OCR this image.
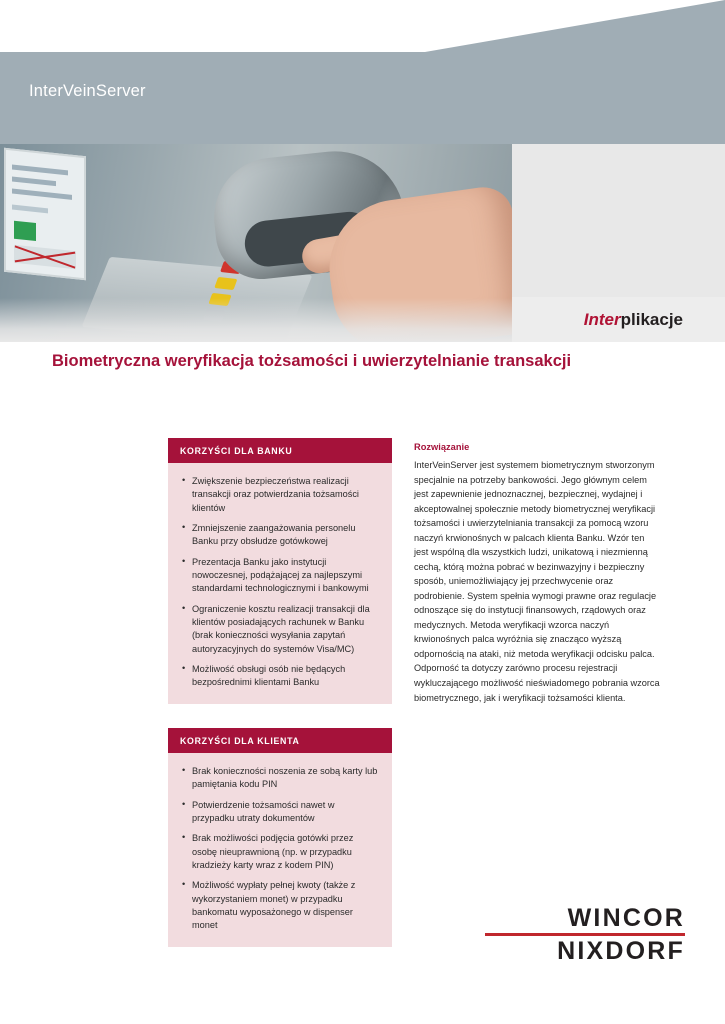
InterVeinServer
Inter plikacje
Biometryczna weryfikacja tożsamości i uwierzytelnianie transakcji
KORZYŚCI DLA BANKU
• Zwiększenie bezpieczeństwa realizacji transakcji oraz potwierdzania tożsamości klientów
• Zmniejszenie zaangażowania personelu Banku przy obsłudze gotówkowej
• Prezentacja Banku jako instytucji nowoczesnej, podążającej za najlepszymi standardami technologicznymi i bankowymi
• Ograniczenie kosztu realizacji transakcji dla klientów posiadających rachunek w Banku (brak konieczności wysyłania zapytań autoryzacyjnych do systemów Visa/MC)
• Możliwość obsługi osób nie będących bezpośrednimi klientami Banku
KORZYŚCI DLA KLIENTA
• Brak konieczności noszenia ze sobą karty lub pamiętania kodu PIN
• Potwierdzenie tożsamości nawet w przypadku utraty dokumentów
• Brak możliwości podjęcia gotówki przez osobę nieuprawnioną (np. w przypadku kradzieży karty wraz z kodem PIN)
• Możliwość wypłaty pełnej kwoty (także z wykorzystaniem monet) w przypadku bankomatu wyposażonego w dispenser monet
Rozwiązanie
InterVeinServer jest systemem biometrycznym stworzonym specjalnie na potrzeby bankowości. Jego głównym celem jest zapewnienie jednoznacznej, bezpiecznej, wydajnej i akceptowalnej społecznie metody biometrycznej weryfikacji tożsamości i uwierzytelniania transakcji za pomocą wzoru naczyń krwionośnych w palcach klienta Banku. Wzór ten jest wspólną dla wszystkich ludzi, unikatową i niezmienną cechą, którą można pobrać w bezinwazyjny i bezpieczny sposób, uniemożliwiający jej przechwycenie oraz podrobienie. System spełnia wymogi prawne oraz regulacje odnoszące się do instytucji finansowych, rządowych oraz medycznych. Metoda weryfikacji wzorca naczyń krwionośnych palca wyróżnia się znacząco wyższą odpornością na ataki, niż metoda weryfikacji odcisku palca. Odporność ta dotyczy zarówno procesu rejestracji wykluczającego możliwość nieświadomego pobrania wzorca biometrycznego, jak i weryfikacji tożsamości klienta.
WINCOR
NIXDORF
